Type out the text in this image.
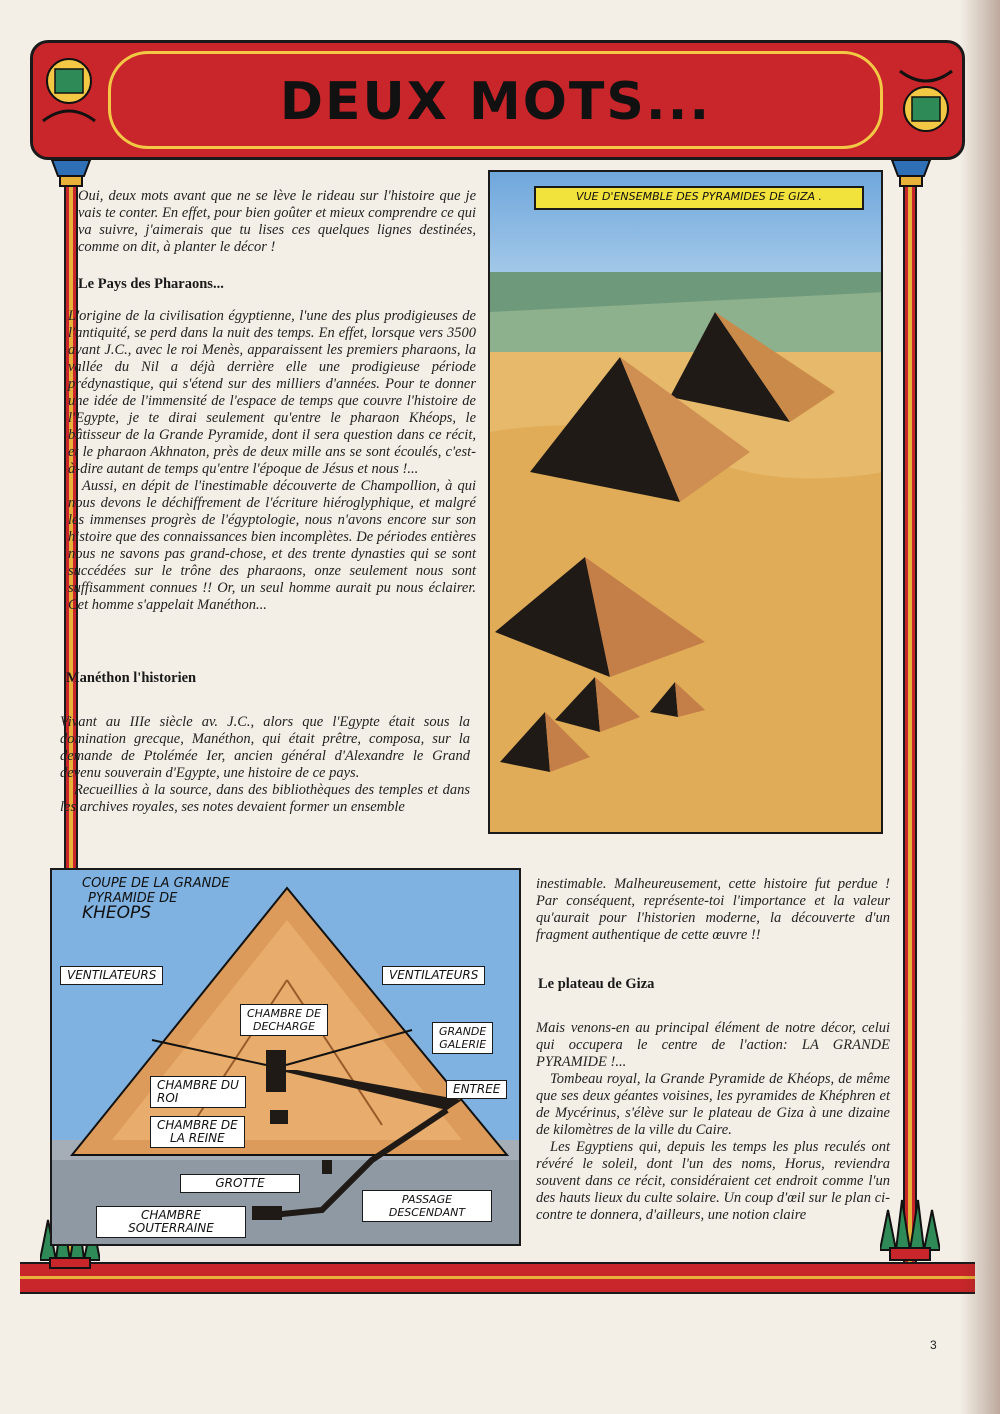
DEUX MOTS...

Oui, deux mots avant que ne se lève le rideau sur l'histoire que je vais te conter. En effet, pour bien goûter et mieux comprendre ce qui va suivre, j'aimerais que tu lises ces quelques lignes destinées, comme on dit, à planter le décor !

Le Pays des Pharaons...

L'origine de la civilisation égyptienne, l'une des plus prodigieuses de l'antiquité, se perd dans la nuit des temps. En effet, lorsque vers 3500 avant J.C., avec le roi Menès, apparaissent les premiers pharaons, la vallée du Nil a déjà derrière elle une prodigieuse période prédynastique, qui s'étend sur des milliers d'années. Pour te donner une idée de l'immensité de l'espace de temps que couvre l'histoire de l'Egypte, je te dirai seulement qu'entre le pharaon Khéops, le bâtisseur de la Grande Pyramide, dont il sera question dans ce récit, et le pharaon Akhnaton, près de deux mille ans se sont écoulés, c'est-à-dire autant de temps qu'entre l'époque de Jésus et nous !...

Aussi, en dépit de l'inestimable découverte de Champollion, à qui nous devons le déchiffrement de l'écriture hiéroglyphique, et malgré les immenses progrès de l'égyptologie, nous n'avons encore sur son histoire que des connaissances bien incomplètes. De périodes entières nous ne savons pas grand-chose, et des trente dynasties qui se sont succédées sur le trône des pharaons, onze seulement nous sont suffisamment connues !! Or, un seul homme aurait pu nous éclairer. Cet homme s'appelait Manéthon...

Manéthon l'historien

Vivant au IIIe siècle av. J.C., alors que l'Egypte était sous la domination grecque, Manéthon, qui était prêtre, composa, sur la demande de Ptolémée Ier, ancien général d'Alexandre le Grand devenu souverain d'Egypte, une histoire de ce pays.

Recueillies à la source, dans des bibliothèques des temples et dans les archives royales, ses notes devaient former un ensemble

VUE D'ENSEMBLE DES PYRAMIDES DE GIZA .
COUPE DE LA GRANDE
PYRAMIDE DE
KHEOPS
VENTILATEURS	VENTILATEURS
CHAMBRE DE
DECHARGE	GRANDE
GALERIE
CHAMBRE DU
ROI
ENTREE
CHAMBRE DE
LA REINE
GROTTE
PASSAGE
DESCENDANT
CHAMBRE
SOUTERRAINE

inestimable. Malheureusement, cette histoire fut perdue ! Par conséquent, représente-toi l'importance et la valeur qu'aurait pour l'historien moderne, la découverte d'un fragment authentique de cette œuvre !!

Le plateau de Giza

Mais venons-en au principal élément de notre décor, celui qui occupera le centre de l'action: LA GRANDE PYRAMIDE !...

Tombeau royal, la Grande Pyramide de Khéops, de même que ses deux géantes voisines, les pyramides de Khéphren et de Mycérinus, s'élève sur le plateau de Giza à une dizaine de kilomètres de la ville du Caire.

Les Egyptiens qui, depuis les temps les plus reculés ont révéré le soleil, dont l'un des noms, Horus, reviendra souvent dans ce récit, considéraient cet endroit comme l'un des hauts lieux du culte solaire. Un coup d'œil sur le plan ci-contre te donnera, d'ailleurs, une notion claire

3
